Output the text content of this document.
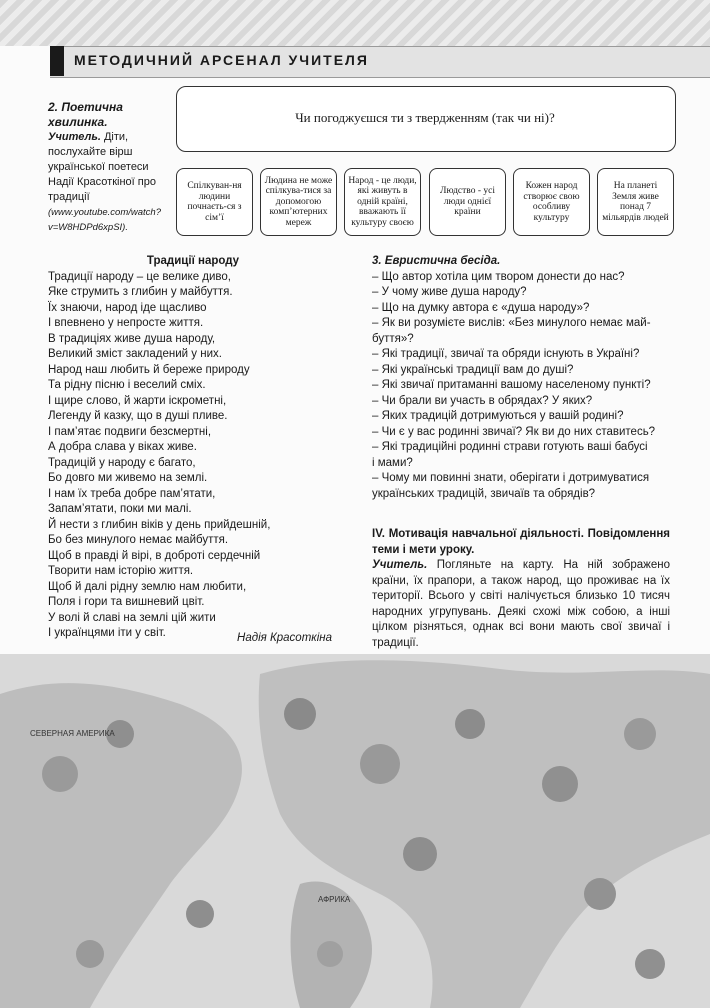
МЕТОДИЧНИЙ АРСЕНАЛ УЧИТЕЛЯ
2. Поетична хвилинка.
Учитель. Діти, послухайте вірш української поетеси Надії Красоткіної про традиції
(www.youtube.com/watch?v=W8HDPd6xpSI).
Чи погоджуєшся ти з твердженням (так чи ні)?
Спілкуван-ня людини почнаєть-ся з сім’ї
Людина не може спілкува-тися за допомогою комп’ютерних мереж
Народ - це люди, які живуть в одній країні, вважають її культуру своєю
Людство - усі люди однієї країни
Кожен народ створює свою особливу культуру
На планеті Земля живе понад 7 мільярдів людей
Традиції народу
Традиції народу – це велике диво,
Яке струмить з глибин у майбуття.
Їх знаючи, народ іде щасливо
І впевнено у непросте життя.
В традиціях живе душа народу,
Великий зміст закладений у них.
Народ наш любить й береже природу
Та рідну пісню і веселий сміх.
І щире слово, й жарти іскрометні,
Легенду й казку, що в душі пливе.
І пам’ятає подвиги безсмертні,
А добра слава у віках живе.
Традицій у народу є багато,
Бо довго ми живемо на землі.
І нам їх треба добре пам’ятати,
Запам’ятати, поки ми малі.
Й нести з глибин віків у день прийдешній,
Бо без минулого немає майбуття.
Щоб в правді й вірі, в доброті сердечній
Творити нам історію життя.
Щоб й далі рідну землю нам любити,
Поля і гори та вишневий цвіт.
У волі й славі на землі цій жити
І українцями іти у світ.	Надія Красоткіна
3. Евристична бесіда.
– Що автор хотіла цим твором донести до нас?
– У чому живе душа народу?
– Що на думку автора є «душа народу»?
– Як ви розумієте вислів: «Без минулого немає май-
буття»?
– Які традиції, звичаї та обряди існують в Україні?
– Які українські традиції вам до душі?
– Які звичаї притаманні вашому населеному пункті?
– Чи брали ви участь в обрядах? У яких?
– Яких традицій дотримуються у вашій родині?
– Чи є у вас родинні звичаї? Як ви до них ставитесь?
– Які традиційні родинні страви готують ваші бабусі
і мами?
– Чому ми повинні знати, оберігати і дотримуватися
українських традицій, звичаїв та обрядів?
IV. Мотивація навчальної діяльності. Повідомлення теми і мети уроку.
Учитель. Погляньте на карту. На ній зображено країни, їх прапори, а також народ, що проживає на їх території. Всього у світі налічується близько 10 тисяч народних угрупувань. Деякі схожі між собою, а інші цілком різняться, однак всі вони мають свої звичаї і традиції.
СЕВЕРНАЯ АМЕРИКА
АФРИКА
